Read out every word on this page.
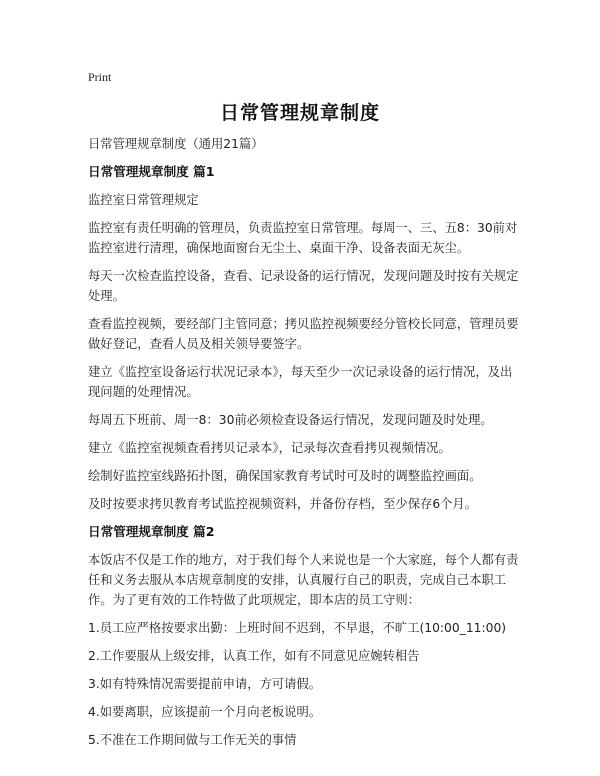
Print
日常管理规章制度

日常管理规章制度（通用21篇）

日常管理规章制度 篇1

监控室日常管理规定

监控室有责任明确的管理员，负责监控室日常管理。每周一、三、五8：30前对监控室进行清理，确保地面窗台无尘土、桌面干净、设备表面无灰尘。

每天一次检查监控设备，查看、记录设备的运行情况，发现问题及时按有关规定处理。

查看监控视频，要经部门主管同意；拷贝监控视频要经分管校长同意，管理员要做好登记，查看人员及相关领导要签字。

建立《监控室设备运行状况记录本》，每天至少一次记录设备的运行情况，及出现问题的处理情况。

每周五下班前、周一8：30前必须检查设备运行情况，发现问题及时处理。

建立《监控室视频查看拷贝记录本》，记录每次查看拷贝视频情况。

绘制好监控室线路拓扑图，确保国家教育考试时可及时的调整监控画面。

及时按要求拷贝教育考试监控视频资料，并备份存档，至少保存6个月。

日常管理规章制度 篇2

本饭店不仅是工作的地方，对于我们每个人来说也是一个大家庭，每个人都有责任和义务去服从本店规章制度的安排，认真履行自己的职责，完成自己本职工作。为了更有效的工作特做了此项规定，即本店的员工守则：

1.员工应严格按要求出勤：上班时间不迟到，不早退，不旷工(10:00_11:00)

2.工作要服从上级安排，认真工作，如有不同意见应婉转相告

3.如有特殊情况需要提前申请，方可请假。

4.如要离职，应该提前一个月向老板说明。

5.不准在工作期间做与工作无关的事情
